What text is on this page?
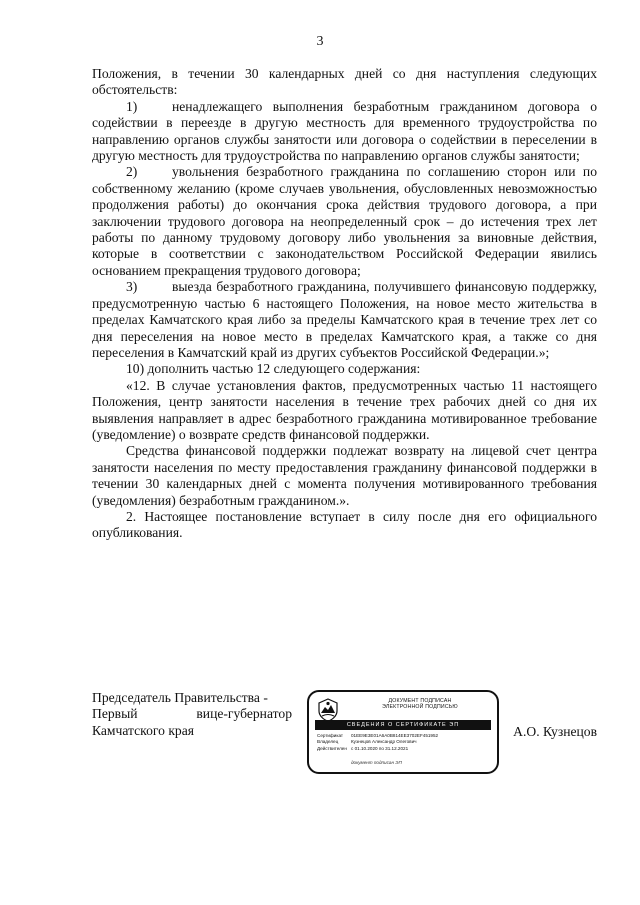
3

Положения, в течении 30 календарных дней со дня наступления следующих обстоятельств:

1)	ненадлежащего выполнения безработным гражданином договора о содействии в переезде в другую местность для временного трудоустройства по направлению органов службы занятости или договора о содействии в переселении в другую местность для трудоустройства по направлению органов службы занятости;

2)	увольнения безработного гражданина по соглашению сторон или по собственному желанию (кроме случаев увольнения, обусловленных невозможностью продолжения работы) до окончания срока действия трудового договора, а при заключении трудового договора на неопределенный срок – до истечения трех лет работы по данному трудовому договору либо увольнения за виновные действия, которые в соответствии с законодательством Российской Федерации явились основанием прекращения трудового договора;

3)	выезда безработного гражданина, получившего финансовую поддержку, предусмотренную частью 6 настоящего Положения, на новое место жительства в пределах Камчатского края либо за пределы Камчатского края в течение трех лет со дня переселения на новое место в пределах Камчатского края, а также со дня переселения в Камчатский край из других субъектов Российской Федерации.»;

10) дополнить частью 12 следующего содержания:

«12. В случае установления фактов, предусмотренных частью 11 настоящего Положения, центр занятости населения в течение трех рабочих дней со дня их выявления направляет в адрес безработного гражданина мотивированное требование (уведомление) о возврате средств финансовой поддержки.

Средства финансовой поддержки подлежат возврату на лицевой счет центра занятости населения по месту предоставления гражданину финансовой поддержки в течении 30 календарных дней с момента получения мотивированного требования (уведомления) безработным гражданином.».

2. Настоящее постановление вступает в силу после дня его официального опубликования.

Председатель Правительства -
Первый	вице-губернатор
Камчатского края	А.О. Кузнецов
ДОКУМЕНТ ПОДПИСАН
ЭЛЕКТРОННОЙ ПОДПИСЬЮ
СВЕДЕНИЯ О СЕРТИФИКАТЕ ЭП
Сертификат	01EE9E3E01A6A0B814EE3702EF451952
Владелец	Кузнецов Александр Олегович
Действителен с 01.10.2020 по 31.12.2021
документ подписан ЭП
